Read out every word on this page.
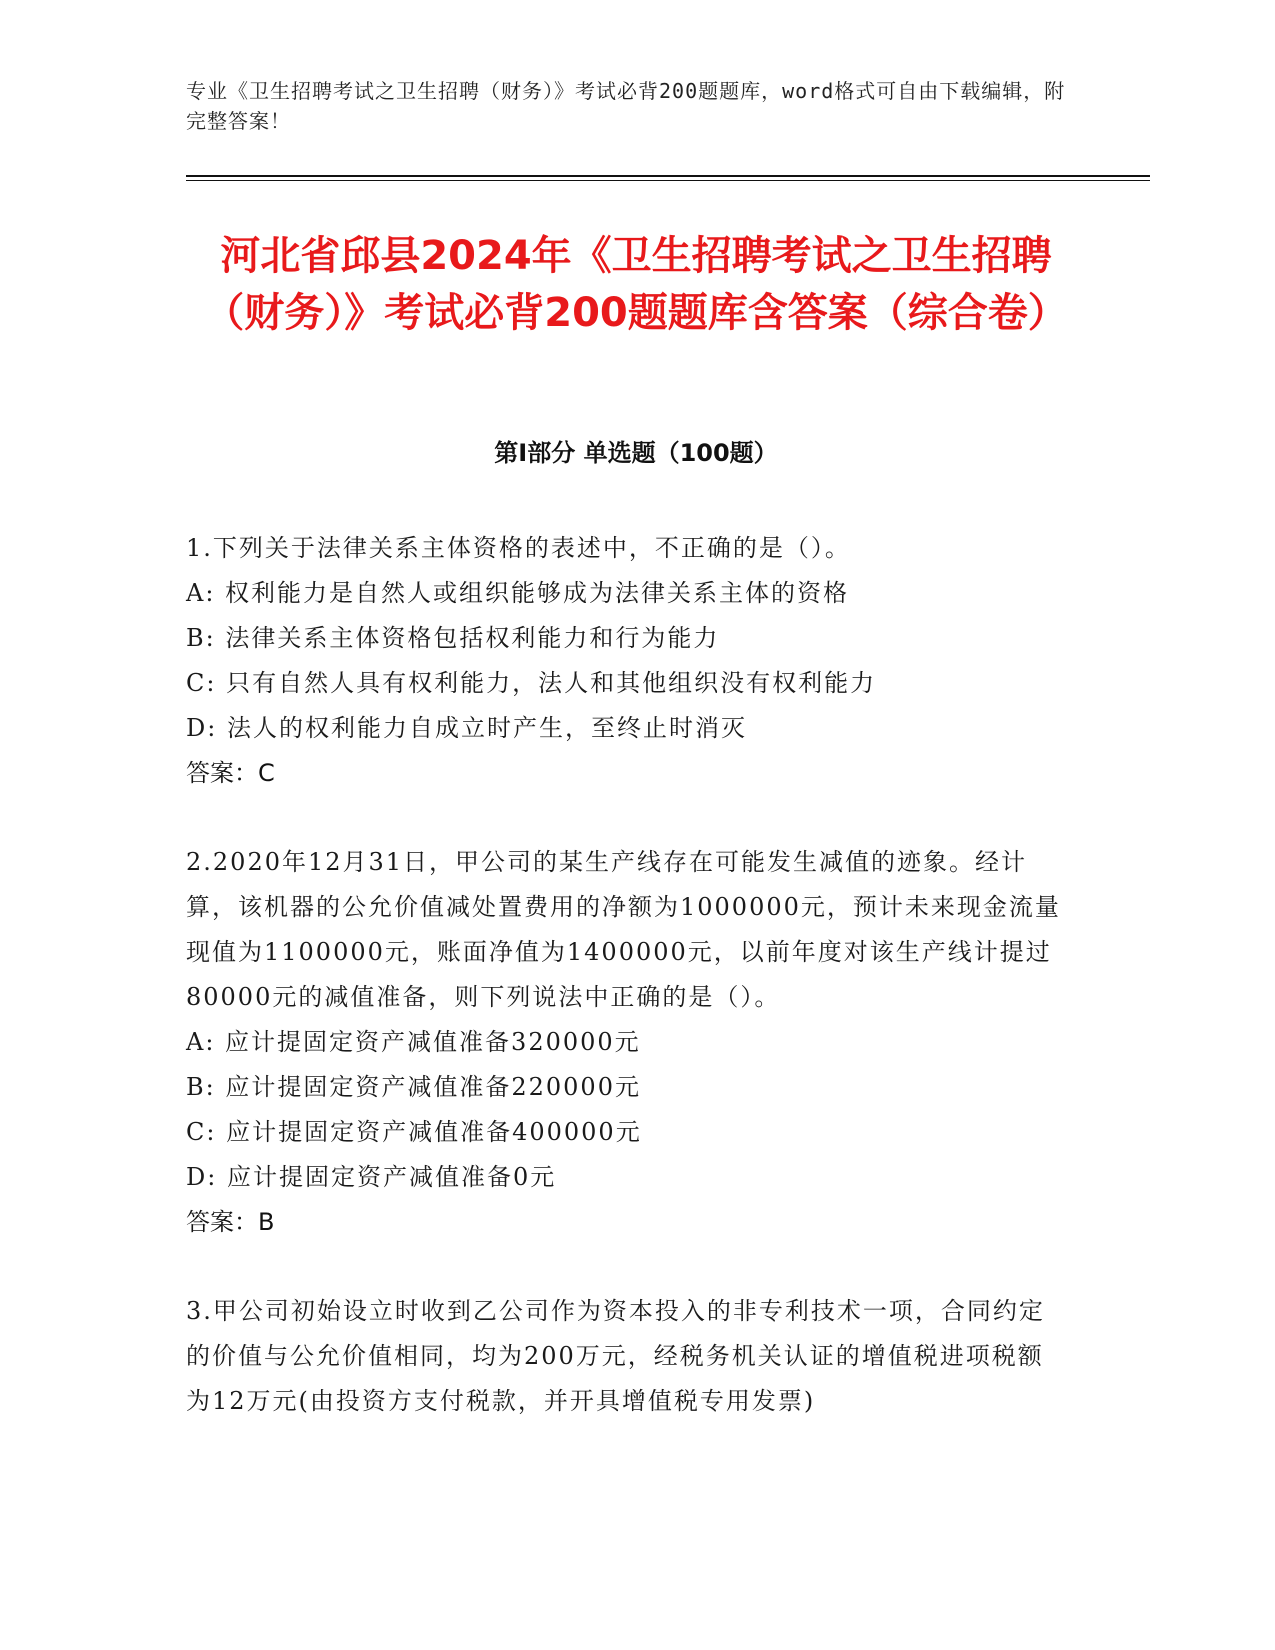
专业《卫生招聘考试之卫生招聘（财务）》考试必背200题题库，word格式可自由下载编辑，附完整答案！
河北省邱县2024年《卫生招聘考试之卫生招聘（财务）》考试必背200题题库含答案（综合卷）
第I部分 单选题（100题）
1.下列关于法律关系主体资格的表述中，不正确的是（）。
A: 权利能力是自然人或组织能够成为法律关系主体的资格
B: 法律关系主体资格包括权利能力和行为能力
C: 只有自然人具有权利能力，法人和其他组织没有权利能力
D: 法人的权利能力自成立时产生，至终止时消灭
答案：C
2.2020年12月31日，甲公司的某生产线存在可能发生减值的迹象。经计算，该机器的公允价值减处置费用的净额为1000000元，预计未来现金流量现值为1100000元，账面净值为1400000元，以前年度对该生产线计提过80000元的减值准备，则下列说法中正确的是（）。
A: 应计提固定资产减值准备320000元
B: 应计提固定资产减值准备220000元
C: 应计提固定资产减值准备400000元
D: 应计提固定资产减值准备0元
答案：B
3.甲公司初始设立时收到乙公司作为资本投入的非专利技术一项，合同约定的价值与公允价值相同，均为200万元，经税务机关认证的增值税进项税额为12万元(由投资方支付税款，并开具增值税专用发票)
